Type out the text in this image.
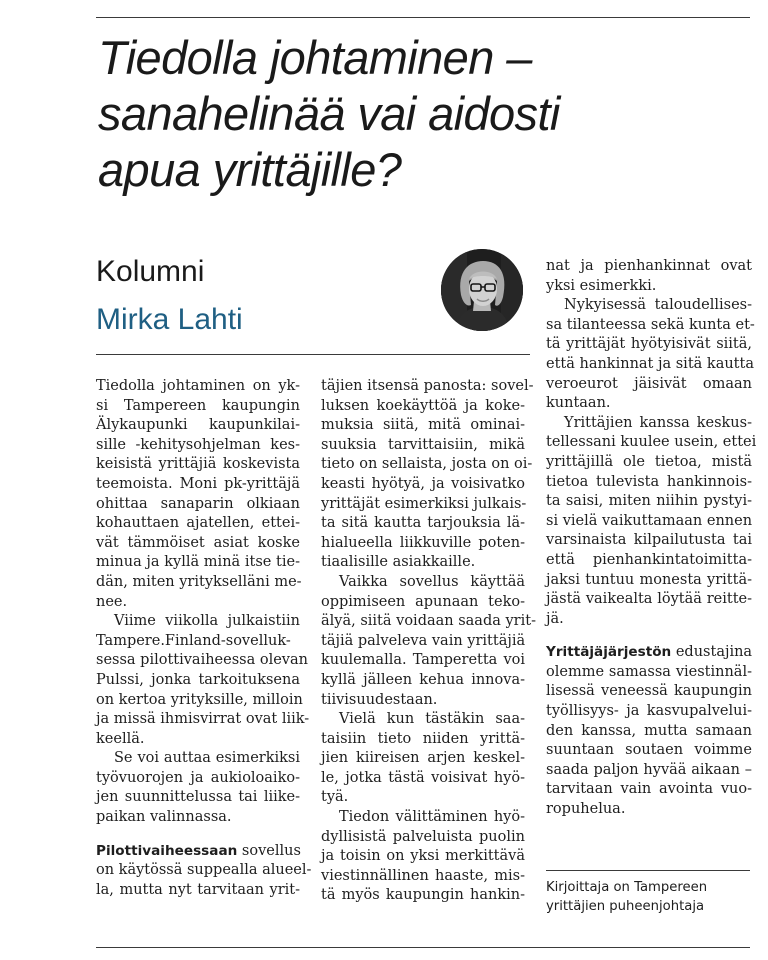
Tiedolla johtaminen –
sanahelinää vai aidosti
apua yrittäjille?

Kolumni

Mirka Lahti

Tiedolla johtaminen on yk-
si Tampereen kaupungin
Älykaupunki kaupunkilai-
sille -kehitysohjelman kes-
keisistä yrittäjiä koskevista
teemoista. Moni pk-yrittäjä
ohittaa sanaparin olkiaan
kohauttaen ajatellen, ettei-
vät tämmöiset asiat koske
minua ja kyllä minä itse tie-
dän, miten yritykselläni me-
nee.
Viime viikolla julkaistiin
Tampere.Finland-sovelluk-
sessa pilottivaiheessa olevan
Pulssi, jonka tarkoituksena
on kertoa yrityksille, milloin
ja missä ihmisvirrat ovat liik-
keellä.
Se voi auttaa esimerkiksi
työvuorojen ja aukioloaiko-
jen suunnittelussa tai liike-
paikan valinnassa.
Pilottivaiheessaan sovellus
on käytössä suppealla alueel-
la, mutta nyt tarvitaan yrit-
täjien itsensä panosta: sovel-
luksen koekäyttöä ja koke-
muksia siitä, mitä ominai-
suuksia tarvittaisiin, mikä
tieto on sellaista, josta on oi-
keasti hyötyä, ja voisivatko
yrittäjät esimerkiksi julkais-
ta sitä kautta tarjouksia lä-
hialueella liikkuville poten-
tiaalisille asiakkaille.
Vaikka sovellus käyttää
oppimiseen apunaan teko-
älyä, siitä voidaan saada yrit-
täjiä palveleva vain yrittäjiä
kuulemalla. Tamperetta voi
kyllä jälleen kehua innova-
tiivisuudestaan.
Vielä kun tästäkin saa-
taisiin tieto niiden yrittä-
jien kiireisen arjen keskel-
le, jotka tästä voisivat hyö-
tyä.
Tiedon välittäminen hyö-
dyllisistä palveluista puolin
ja toisin on yksi merkittävä
viestinnällinen haaste, mis-
tä myös kaupungin hankin-
nat ja pienhankinnat ovat
yksi esimerkki.
Nykyisessä taloudellises-
sa tilanteessa sekä kunta et-
tä yrittäjät hyötyisivät siitä,
että hankinnat ja sitä kautta
veroeurot jäisivät omaan
kuntaan.
Yrittäjien kanssa keskus-
tellessani kuulee usein, ettei
yrittäjillä ole tietoa, mistä
tietoa tulevista hankinnois-
ta saisi, miten niihin pystyi-
si vielä vaikuttamaan ennen
varsinaista kilpailutusta tai
että pienhankintatoimitta-
jaksi tuntuu monesta yrittä-
jästä vaikealta löytää reitte-
jä.
Yrittäjäjärjestön edustajina
olemme samassa viestinnäl-
lisessä veneessä kaupungin
työllisyys- ja kasvupalvelui-
den kanssa, mutta samaan
suuntaan soutaen voimme
saada paljon hyvää aikaan –
tarvitaan vain avointa vuo-
ropuhelua.
Kirjoittaja on Tampereen
yrittäjien puheenjohtaja
